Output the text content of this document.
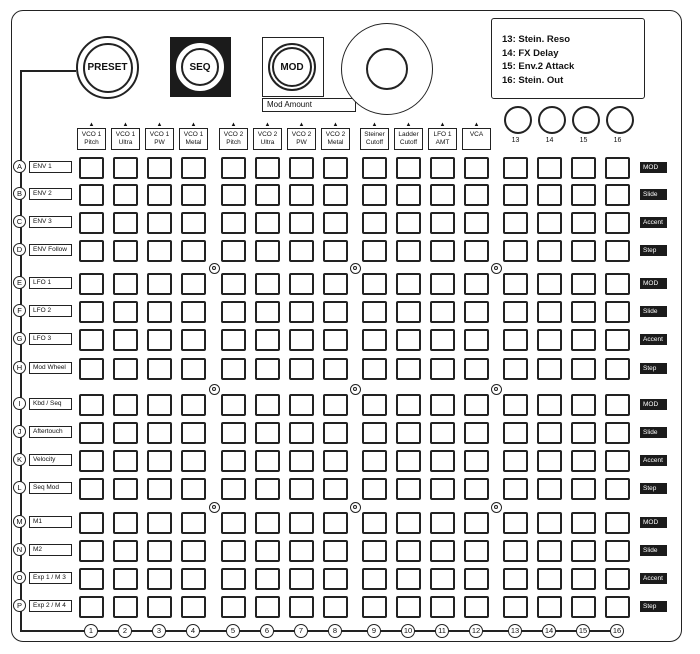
PRESET	SEQ	MOD
Mod Amount
13: Stein. Reso
14: FX Delay
15: Env.2 Attack
16: Stein. Out
▲
VCO 1
Pitch
▲
VCO 1
Ultra
▲
VCO 1
PW
▲
VCO 1
Metal
▲
VCO 2
Pitch
▲
VCO 2
Ultra
▲
VCO 2
PW
▲
VCO 2
Metal
▲
Steiner
Cutoff
▲
Ladder
Cutoff
▲
LFO 1
AMT
▲
VCA
13	14	15	16
A	ENV 1	MOD
B	ENV 2	Slide
C	ENV 3	Accent
D	ENV Follow	Step
E	LFO 1	MOD
F	LFO 2	Slide
G	LFO 3	Accent
H	Mod Wheel	Step
I	Kbd / Seq	MOD
J	Aftertouch	Slide
K	Velocity	Accent
L	Seq Mod	Step
M	M1	MOD
N	M2	Slide
O	Exp 1 / M 3	Accent
P	Exp 2 / M 4	Step
1	2	3	4	5	6	7	8	9	10	11	12	13	14	15	16
